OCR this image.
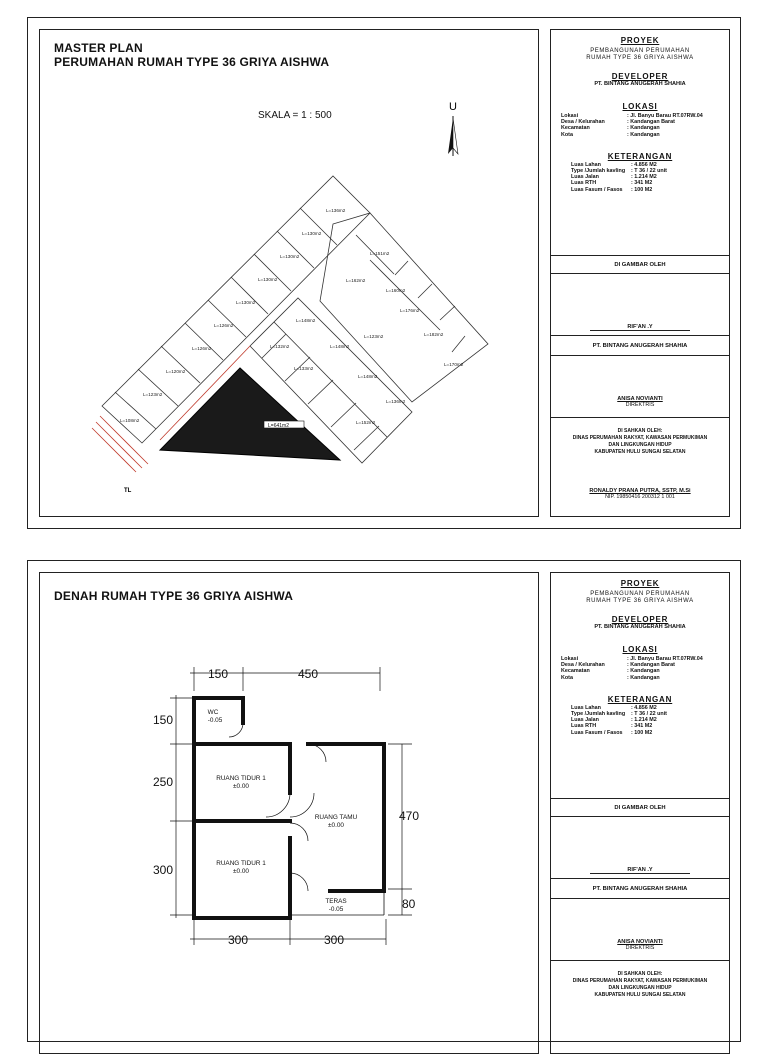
MASTER PLAN
PERUMAHAN RUMAH TYPE 36 GRIYA AISHWA
SKALA = 1 : 500
U
L=641m2
L=136m2
L=130m2
L=130m2
L=130m2
L=130m2
L=126m2
L=126m2
L=120m2
L=123m2
L=108m2
L=151m2
L=162m2
L=160m2
L=176m2
L=182m2
L=170m2
L=148m2
L=123m2
L=148m2
L=132m2
L=148m2
L=136m2
L=133m2
L=152m2
TL
PROYEK
PEMBANGUNAN PERUMAHAN
RUMAH TYPE 36 GRIYA AISHWA
DEVELOPER
PT. BINTANG ANUGERAH SHAHIA
LOKASI
Lokasi	: Jl. Banyu Barau RT.07RW.04
Desa / Kelurahan	: Kandangan Barat
Kecamatan	: Kandangan
Kota	: Kandangan
KETERANGAN
Luas Lahan	: 4.856 M2
Type /Jumlah kavling	: T 36 / 22 unit
Luas Jalan	: 1.214 M2
Luas RTH	: 341 M2
Luas Fasum / Fasos	: 100 M2
DI GAMBAR OLEH
RIF'AN .Y
PT. BINTANG ANUGERAH SHAHIA
ANISA NOVIANTI
DIREKTRIS
DI SAHKAN OLEH:
DINAS PERUMAHAN RAKYAT, KAWASAN PERMUKIMAN
DAN LINGKUNGAN HIDUP
KABUPATEN HULU SUNGAI SELATAN
RONALDY PRANA PUTRA, SSTP, M.Si
NIP. 19850416 200312 1 001
DENAH RUMAH TYPE 36 GRIYA AISHWA
150	450
150
250
300
470
80
300	300
WC
-0.05
RUANG TIDUR 1
±0.00
RUANG TIDUR 1
±0.00
RUANG TAMU
±0.00
TERAS
-0.05
PROYEK
PEMBANGUNAN PERUMAHAN
RUMAH TYPE 36 GRIYA AISHWA
DEVELOPER
PT. BINTANG ANUGERAH SHAHIA
LOKASI
Lokasi	: Jl. Banyu Barau RT.07RW.04
Desa / Kelurahan	: Kandangan Barat
Kecamatan	: Kandangan
Kota	: Kandangan
KETERANGAN
Luas Lahan	: 4.856 M2
Type /Jumlah kavling	: T 36 / 22 unit
Luas Jalan	: 1.214 M2
Luas RTH	: 341 M2
Luas Fasum / Fasos	: 100 M2
DI GAMBAR OLEH
RIF'AN .Y
PT. BINTANG ANUGERAH SHAHIA
ANISA NOVIANTI
DIREKTRIS
DI SAHKAN OLEH:
DINAS PERUMAHAN RAKYAT, KAWASAN PERMUKIMAN
DAN LINGKUNGAN HIDUP
KABUPATEN HULU SUNGAI SELATAN
